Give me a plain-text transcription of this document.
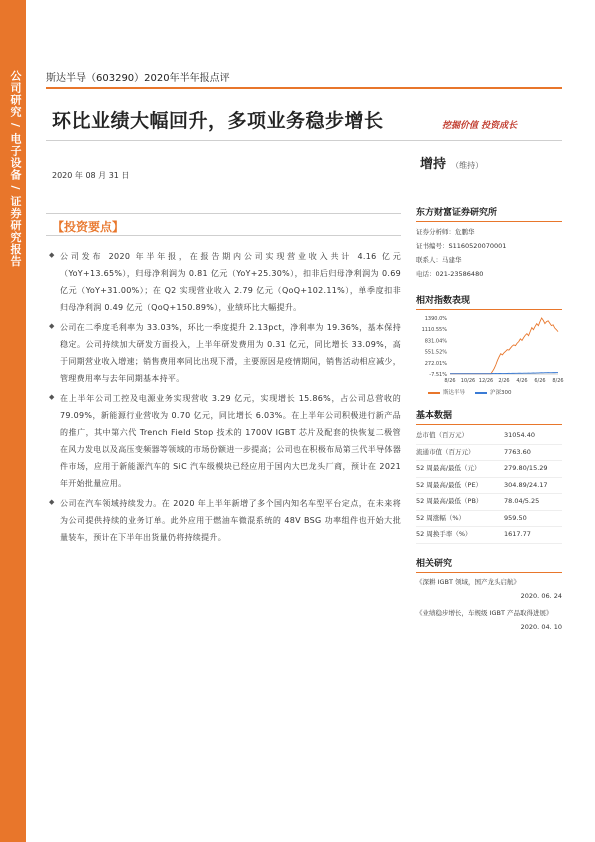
公司研究 / 电子设备 / 证券研究报告 斯达半导（603290）2020年半年报点评
环比业绩大幅回升，多项业务稳步增长	挖掘价值 投资成长
2020 年 08 月 31 日
增持 （维持）
【投资要点】
◆ 公司发布 2020 年半年报，在报告期内公司实现营业收入共计 4.16 亿元（YoY+13.65%），归母净利润为 0.81 亿元（YoY+25.30%），扣非后归母净利润为 0.69 亿元（YoY+31.00%）；在 Q2 实现营业收入 2.79 亿元（QoQ+102.11%），单季度扣非归母净利润 0.49 亿元（QoQ+150.89%），业绩环比大幅提升。
◆ 公司在二季度毛利率为 33.03%，环比一季度提升 2.13pct，净利率为 19.36%，基本保持稳定。公司持续加大研发方面投入，上半年研发费用为 0.31 亿元，同比增长 33.09%，高于同期营业收入增速；销售费用率同比出现下滑，主要原因是疫情期间，销售活动相应减少，管理费用率与去年同期基本持平。
◆ 在上半年公司工控及电源业务实现营收 3.29 亿元，实现增长 15.86%，占公司总营收的 79.09%，新能源行业营收为 0.70 亿元，同比增长 6.03%。在上半年公司积极进行新产品的推广，其中第六代 Trench Field Stop 技术的 1700V IGBT 芯片及配套的快恢复二极管在风力发电以及高压变频器等领域的市场份额进一步提高；公司也在积极布局第三代半导体器件市场，应用于新能源汽车的 SiC 汽车级模块已经应用于国内大巴龙头厂商，预计在 2021 年开始批量应用。
◆ 公司在汽车领域持续发力。在 2020 年上半年新增了多个国内知名车型平台定点，在未来将为公司提供持续的业务订单。此外应用于燃油车微混系统的 48V BSG 功率组件也开始大批量装车，预计在下半年出货量仍将持续提升。
东方财富证券研究所
证券分析师：危鹏华
证书编号：S1160520070001
联系人：马建华
电话：021-23586480
相对指数表现
1390.0%
1110.55%
831.04%
551.52%
272.01%
-7.51%
8/26 10/26 12/26 2/26 4/26 6/26 8/26
斯达半导	沪深300
基本数据
总市值（百万元）	31054.40
流通市值（百万元）	7763.60
52 周最高/最低（元）	279.80/15.29
52 周最高/最低（PE）	304.89/24.17
52 周最高/最低（PB）	78.04/5.25
52 周涨幅（%）	959.50
52 周换手率（%）	1617.77
相关研究
《深耕 IGBT 领域，国产龙头启航》
2020. 06. 24
《业绩稳步增长，车规级 IGBT 产品取得进展》
2020. 04. 10
